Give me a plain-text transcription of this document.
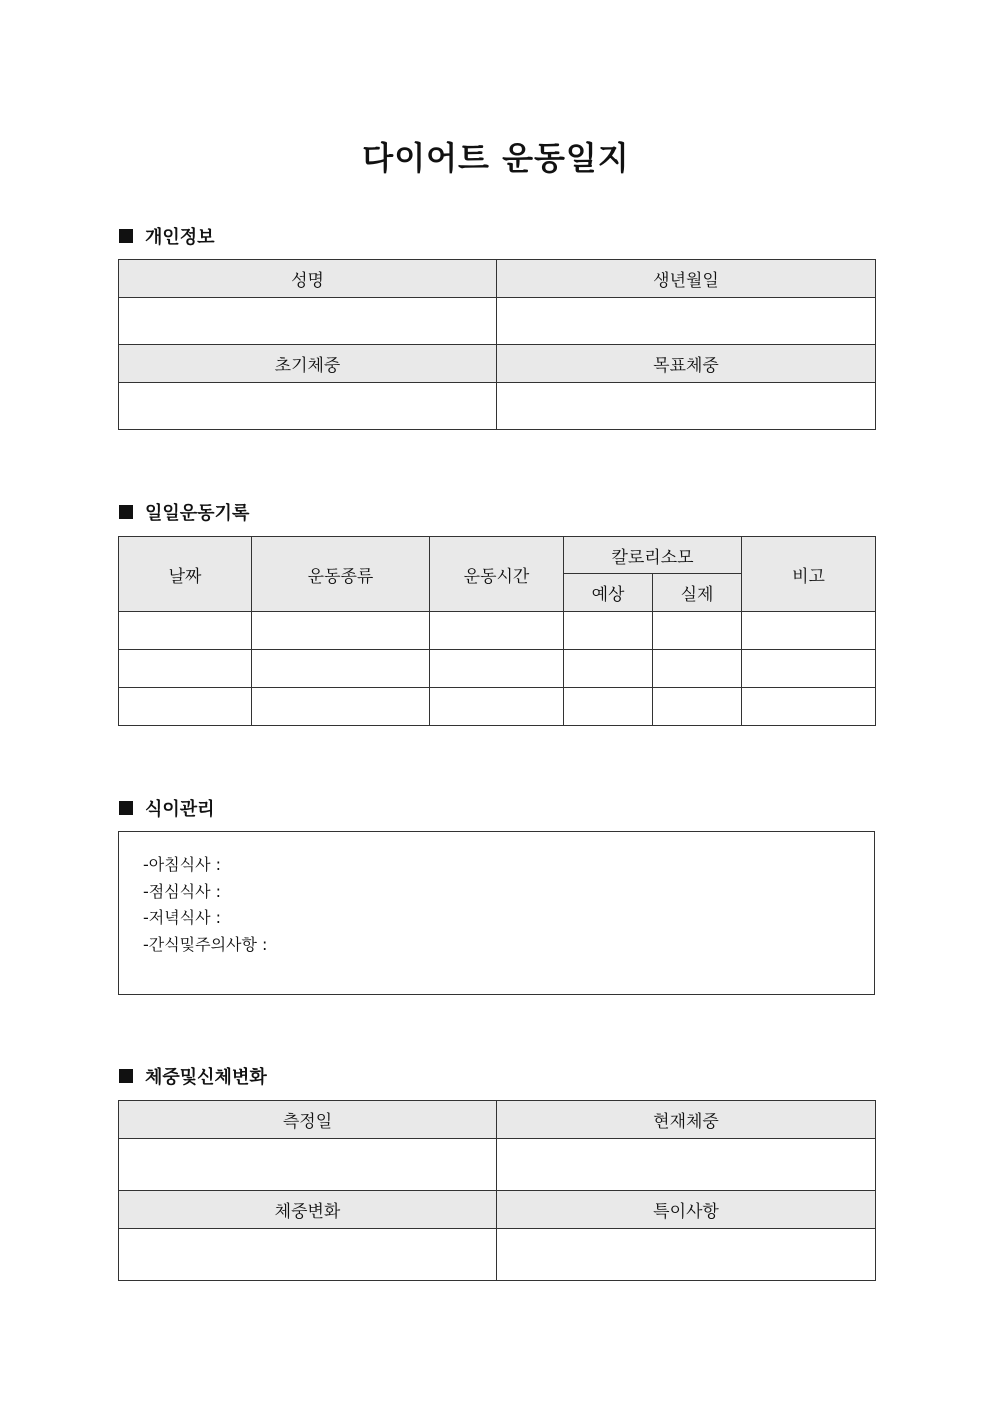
다이어트 운동일지
개인정보
성명	생년월일

초기체중	목표체중

일일운동기록
날짜	운동종류	운동시간	칼로리소모		비고
			예상	실제	

식이관리
-아침식사 :
-점심식사 :
-저녁식사 :
-간식및주의사항 :
체중및신체변화
측정일	현재체중

체중변화	특이사항
